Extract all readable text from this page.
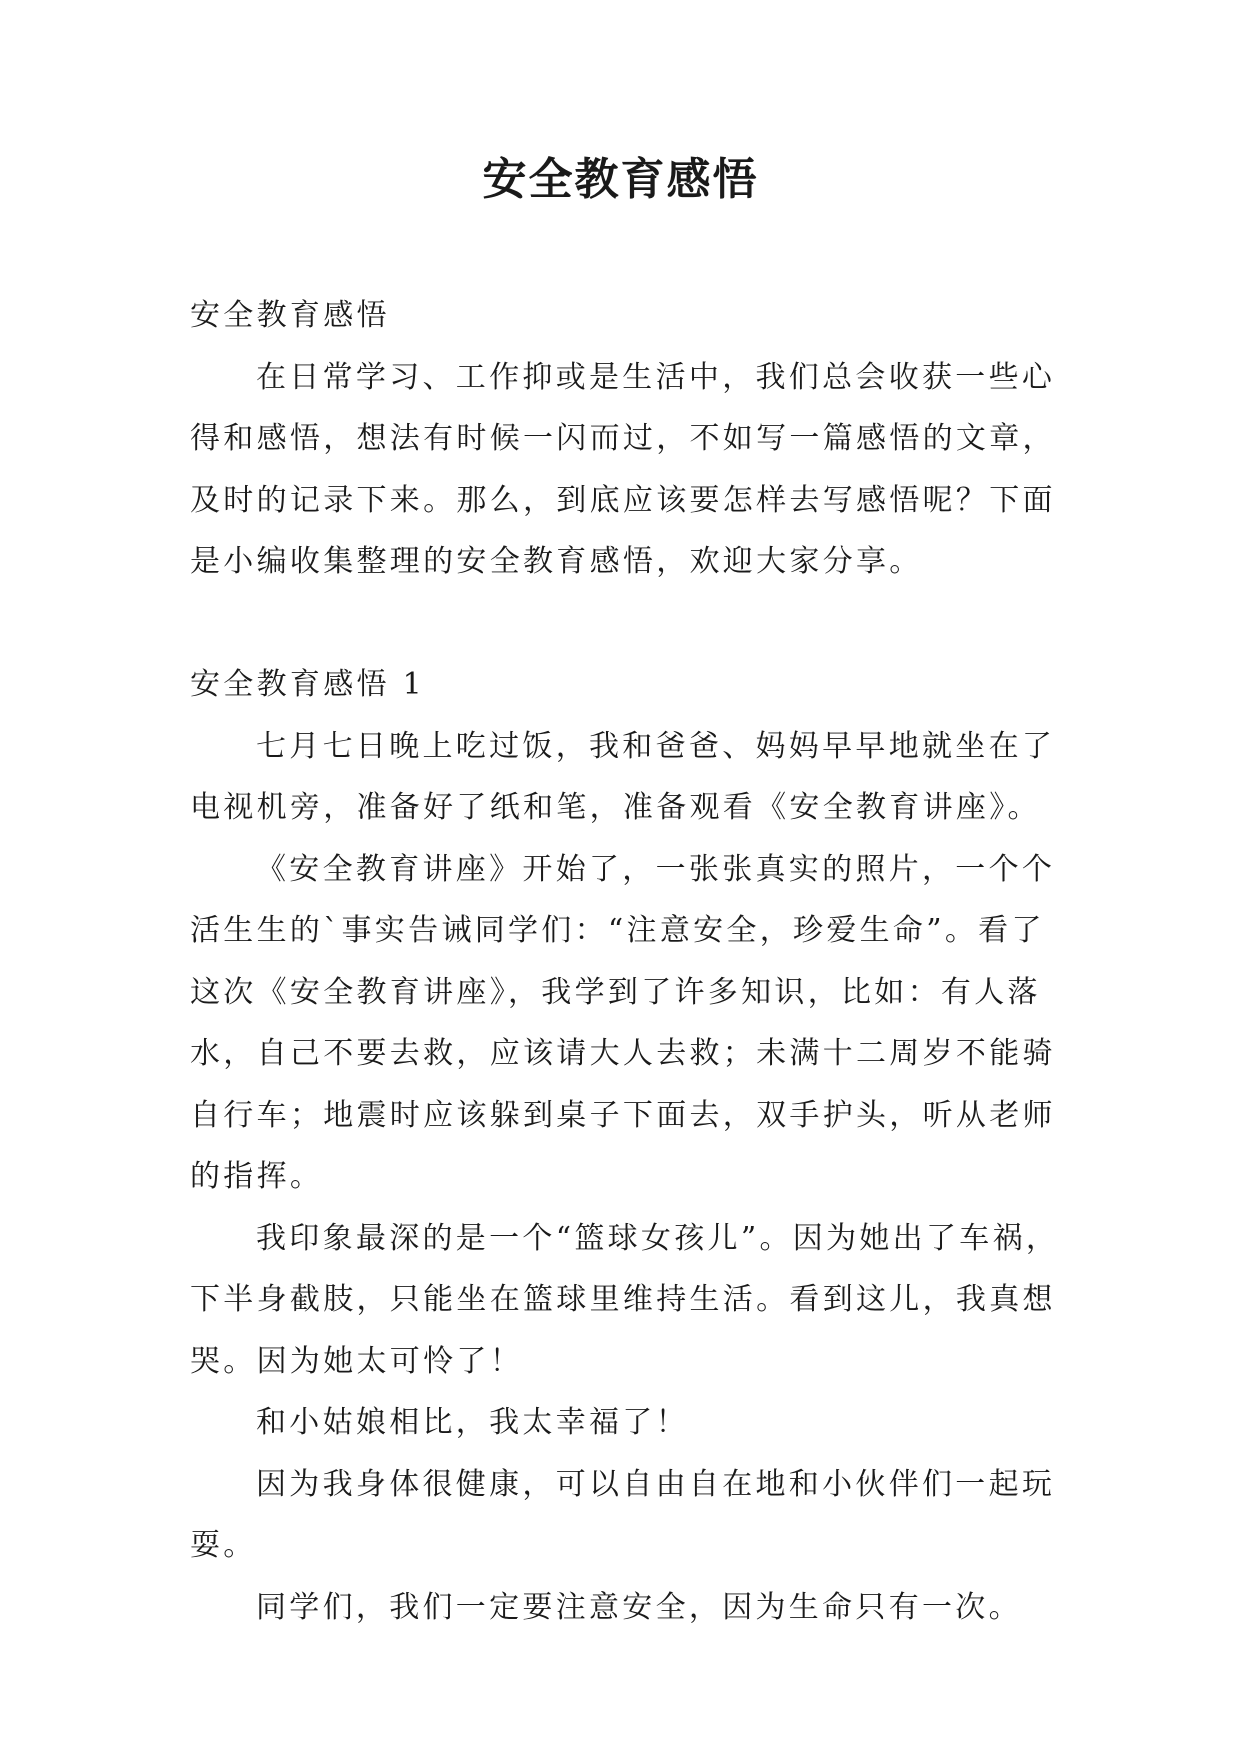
安全教育感悟

安全教育感悟

在日常学习、工作抑或是生活中，我们总会收获一些心

得和感悟，想法有时候一闪而过，不如写一篇感悟的文章，

及时的记录下来。那么，到底应该要怎样去写感悟呢？下面

是小编收集整理的安全教育感悟，欢迎大家分享。

安全教育感悟 1

七月七日晚上吃过饭，我和爸爸、妈妈早早地就坐在了

电视机旁，准备好了纸和笔，准备观看《安全教育讲座》。

《安全教育讲座》开始了，一张张真实的照片，一个个

活生生的`事实告诫同学们：“注意安全，珍爱生命”。看了

这次《安全教育讲座》，我学到了许多知识，比如：有人落

水，自己不要去救，应该请大人去救；未满十二周岁不能骑

自行车；地震时应该躲到桌子下面去，双手护头，听从老师

的指挥。

我印象最深的是一个“篮球女孩儿”。因为她出了车祸，

下半身截肢，只能坐在篮球里维持生活。看到这儿，我真想

哭。因为她太可怜了！

和小姑娘相比，我太幸福了！

因为我身体很健康，可以自由自在地和小伙伴们一起玩

耍。

同学们，我们一定要注意安全，因为生命只有一次。
